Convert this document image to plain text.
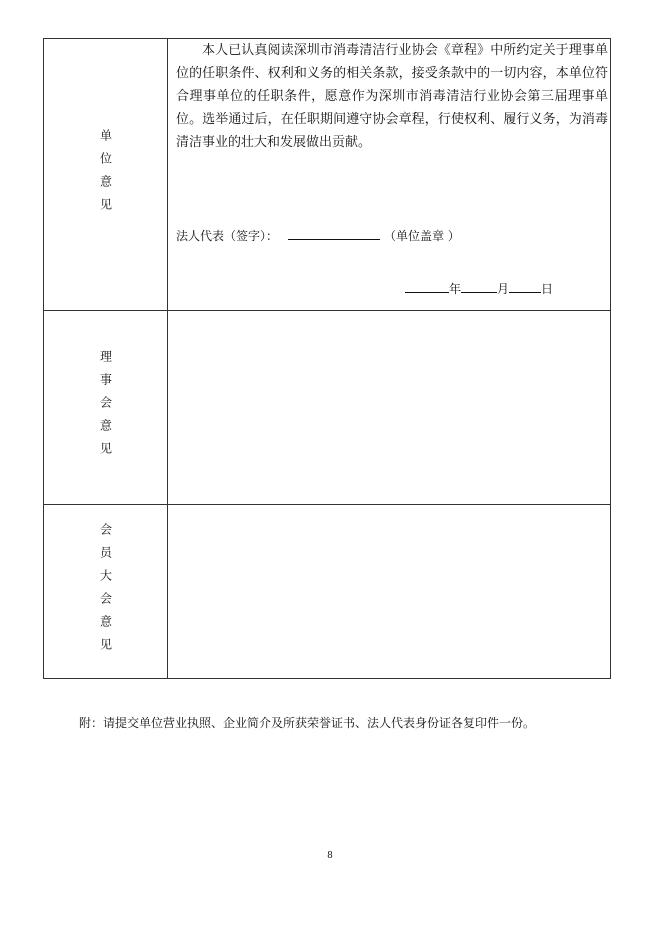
单位意见	本人已认真阅读深圳市消毒清洁行业协会《章程》中所约定关于理事单位的任职条件、权利和义务的相关条款，接受条款中的一切内容，本单位符合理事单位的任职条件，愿意作为深圳市消毒清洁行业协会第三届理事单位。选举通过后，在任职期间遵守协会章程，行使权利、履行义务，为消毒清洁事业的壮大和发展做出贡献。

法人代表（签字）： （单位盖章 ）
年 月 日

理事会意见	

会员大会意见	

附：请提交单位营业执照、企业简介及所获荣誉证书、法人代表身份证各复印件一份。
8
